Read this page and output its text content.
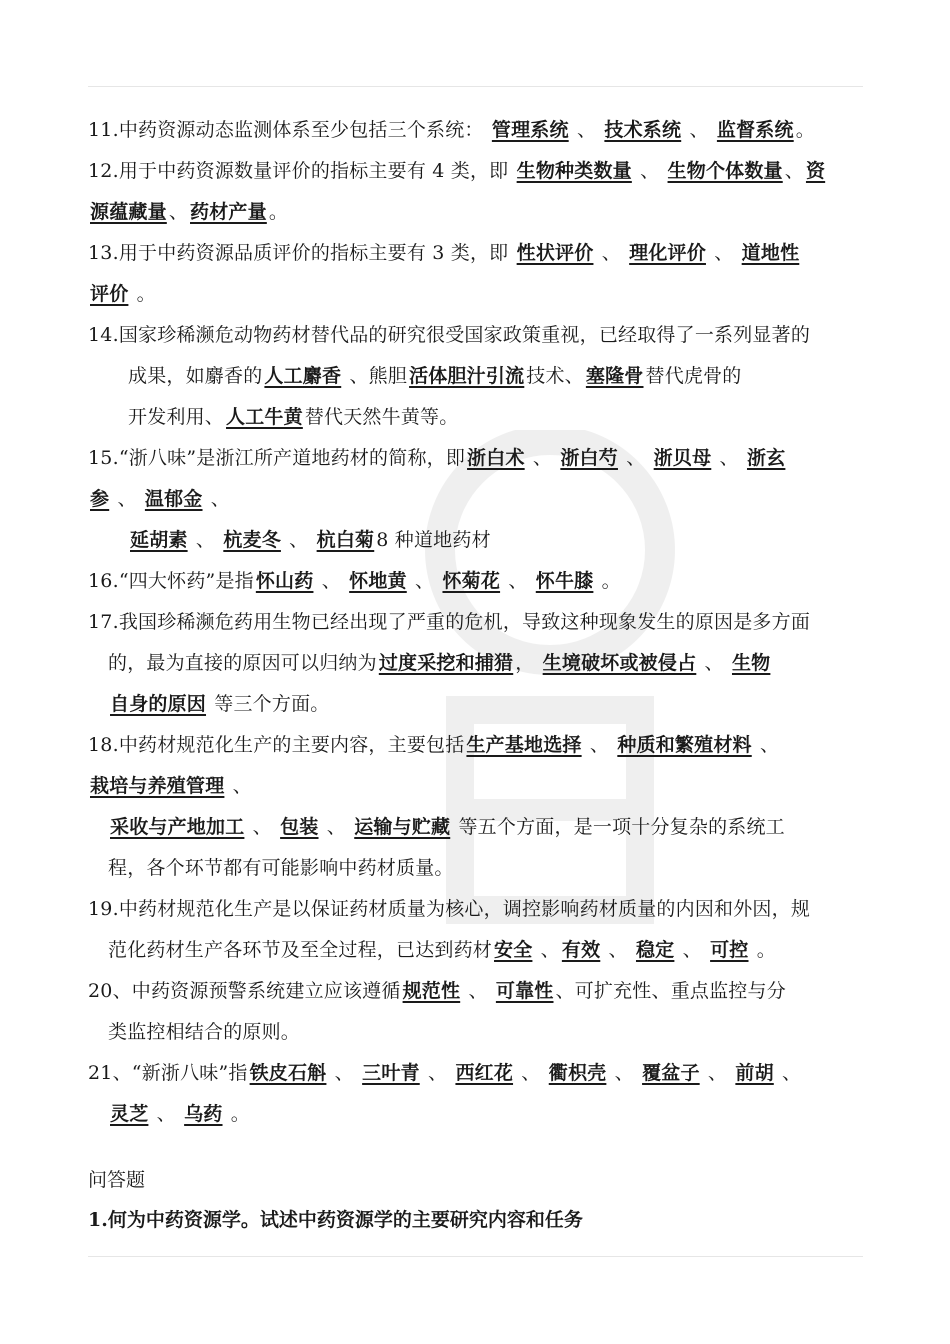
11.中药资源动态监测体系至少包括三个系统： 管理系统 、 技术系统 、 监督系统 。
12.用于中药资源数量评价的指标主要有 4 类，即 生物种类数量 、 生物个体数量 、 资
源蕴藏量 、 药材产量 。
13.用于中药资源品质评价的指标主要有 3 类，即 性状评价 、 理化评价 、 道地性
评价 。
14.国家珍稀濒危动物药材替代品的研究很受国家政策重视，已经取得了一系列显著的
成果，如麝香的 人工麝香 、熊胆 活体胆汁引流 技术、 塞隆骨 替代虎骨的
开发利用、 人工牛黄 替代天然牛黄等。
15.“浙八味”是浙江所产道地药材的简称，即 浙白术 、 浙白芍 、 浙贝母 、 浙玄
参 、 温郁金 、
延胡素 、 杭麦冬 、 杭白菊 8 种道地药材
16.“四大怀药”是指 怀山药 、 怀地黄 、 怀菊花 、 怀牛膝 。
17.我国珍稀濒危药用生物已经出现了严重的危机，导致这种现象发生的原因是多方面
的，最为直接的原因可以归纳为 过度采挖和捕猎 ， 生境破坏或被侵占 、 生物
自身的原因 等三个方面。
18.中药材规范化生产的主要内容，主要包括 生产基地选择 、 种质和繁殖材料 、
栽培与养殖管理 、
采收与产地加工 、 包装 、 运输与贮藏 等五个方面，是一项十分复杂的系统工
程，各个环节都有可能影响中药材质量。
19.中药材规范化生产是以保证药材质量为核心，调控影响药材质量的内因和外因，规
范化药材生产各环节及至全过程，已达到药材 安全 、 有效 、 稳定 、 可控 。
20、中药资源预警系统建立应该遵循 规范性 、 可靠性 、可扩充性、重点监控与分
类监控相结合的原则。
21、“新浙八味”指 铁皮石斛 、 三叶青 、 西红花 、 衢枳壳 、 覆盆子 、 前胡 、
灵芝 、 乌药 。
问答题
1.何为中药资源学。试述中药资源学的主要研究内容和任务
